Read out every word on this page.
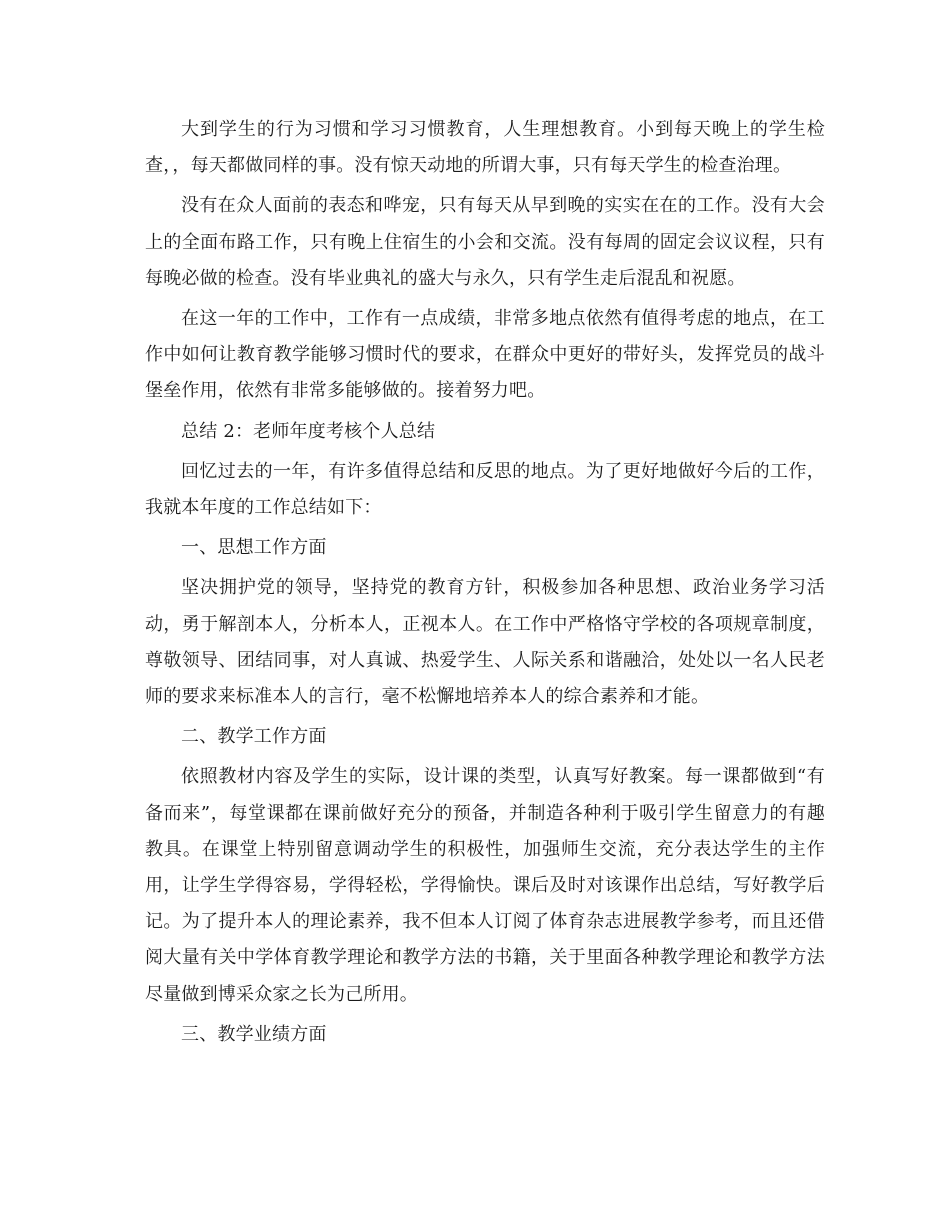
大到学生的行为习惯和学习习惯教育，人生理想教育。小到每天晚上的学生检查，，每天都做同样的事。没有惊天动地的所谓大事，只有每天学生的检查治理。

没有在众人面前的表态和哗宠，只有每天从早到晚的实实在在的工作。没有大会上的全面布路工作，只有晚上住宿生的小会和交流。没有每周的固定会议议程，只有每晚必做的检查。没有毕业典礼的盛大与永久，只有学生走后混乱和祝愿。

在这一年的工作中，工作有一点成绩，非常多地点依然有值得考虑的地点，在工作中如何让教育教学能够习惯时代的要求，在群众中更好的带好头，发挥党员的战斗堡垒作用，依然有非常多能够做的。接着努力吧。

总结 2：老师年度考核个人总结

回忆过去的一年，有许多值得总结和反思的地点。为了更好地做好今后的工作，我就本年度的工作总结如下：

一、思想工作方面

坚决拥护党的领导，坚持党的教育方针，积极参加各种思想、政治业务学习活动，勇于解剖本人，分析本人，正视本人。在工作中严格恪守学校的各项规章制度，尊敬领导、团结同事，对人真诚、热爱学生、人际关系和谐融洽，处处以一名人民老师的要求来标准本人的言行，毫不松懈地培养本人的综合素养和才能。

二、教学工作方面

依照教材内容及学生的实际，设计课的类型，认真写好教案。每一课都做到“有备而来”，每堂课都在课前做好充分的预备，并制造各种利于吸引学生留意力的有趣教具。在课堂上特别留意调动学生的积极性，加强师生交流，充分表达学生的主作用，让学生学得容易，学得轻松，学得愉快。课后及时对该课作出总结，写好教学后记。为了提升本人的理论素养，我不但本人订阅了体育杂志进展教学参考，而且还借阅大量有关中学体育教学理论和教学方法的书籍，关于里面各种教学理论和教学方法尽量做到博采众家之长为己所用。

三、教学业绩方面
